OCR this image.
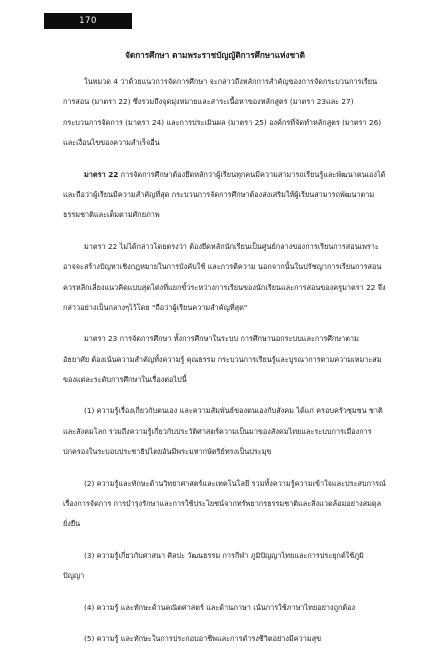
170
จัดการศึกษา ตามพระราชบัญญัติการศึกษาแห่งชาติ
ในหมวด 4 ว่าด้วยแนวการจัดการศึกษา จะกล่าวถึงหลักการสำคัญของการจัดกระบวนการเรียน
การสอน (มาตรา 22) ซึ่งรวมถึงจุดมุ่งหมายและสาระเนื้อหาของหลักสูตร (มาตรา 23และ 27)
กระบวนการจัดการ (มาตรา 24) และการประเมินผล (มาตรา 25) องค์กรที่จัดทำหลักสูตร (มาตรา 26)
และเงื่อนไขของความสำเร็จอื่น
มาตรา 22 การจัดการศึกษาต้องยึดหลักว่าผู้เรียนทุกคนมีความสามารถเรียนรู้และพัฒนาตนเองได้
และถือว่าผู้เรียนมีความสำคัญที่สุด กระบวนการจัดการศึกษาต้องส่งเสริมให้ผู้เรียนสามารถพัฒนาตาม
ธรรมชาติและเต็มตามศักยภาพ
มาตรา 22 ไม่ได้กล่าวโดยตรงว่า ต้องยึดหลักนักเรียนเป็นศูนย์กลางของการเรียนการสอนเพราะ
อาจจะสร้างปัญหาเชิงกฎหมายในการบังคับใช้ และการตีความ นอกจากนั้นในปรัชญาการเรียนการสอน
ควรหลีกเลี่ยงแนวคิดแบบสุดโต่งที่แยกขั้วระหว่างการเรียนของนักเรียนและการสอนของครูมาตรา 22 จึง
กล่าวอย่างเป็นกลางๆไว้โดย "ถือว่าผู้เรียนความสำคัญที่สุด"
มาตรา 23 การจัดการศึกษา ทั้งการศึกษาในระบบ การศึกษานอกระบบและการศึกษาตาม
อัธยาศัย ต้องเน้นความสำคัญทั้งความรู้ คุณธรรม กระบวนการเรียนรู้และบูรณาการตามความเหมาะสม
ของแต่ละระดับการศึกษาในเรื่องต่อไปนี้
(1) ความรู้เรื่องเกี่ยวกับตนเอง และความสัมพันธ์ของตนเองกับสังคม ได้แก่ ครอบครัวชุมชน ชาติ
และสังคมโลก รวมถึงความรู้เกี่ยวกับประวัติศาสตร์ความเป็นมาของสังคมไทยและระบบการเมืองการ
ปกครองในระบอบประชาธิปไตยอันมีพระมหากษัตริย์ทรงเป็นประมุข
(2) ความรู้และทักษะด้านวิทยาศาสตร์และเทคโนโลยี รวมทั้งความรู้ความเข้าใจและประสบการณ์
เรื่องการจัดการ การบำรุงรักษาและการใช้ประโยชน์จากทรัพยากรธรรมชาติและสิ่งแวดล้อมอย่างสมดุล
ยั่งยืน
(3) ความรู้เกี่ยวกับศาสนา ศิลปะ วัฒนธรรม การกีฬา ภูมิปัญญาไทยและการประยุกต์ใช้ภูมิ
ปัญญา
(4) ความรู้ และทักษะด้านคณิตศาสตร์ และด้านภาษา เน้นการใช้ภาษาไทยอย่างถูกต้อง
(5) ความรู้ และทักษะในการประกอบอาชีพและการดำรงชีวิตอย่างมีความสุข
